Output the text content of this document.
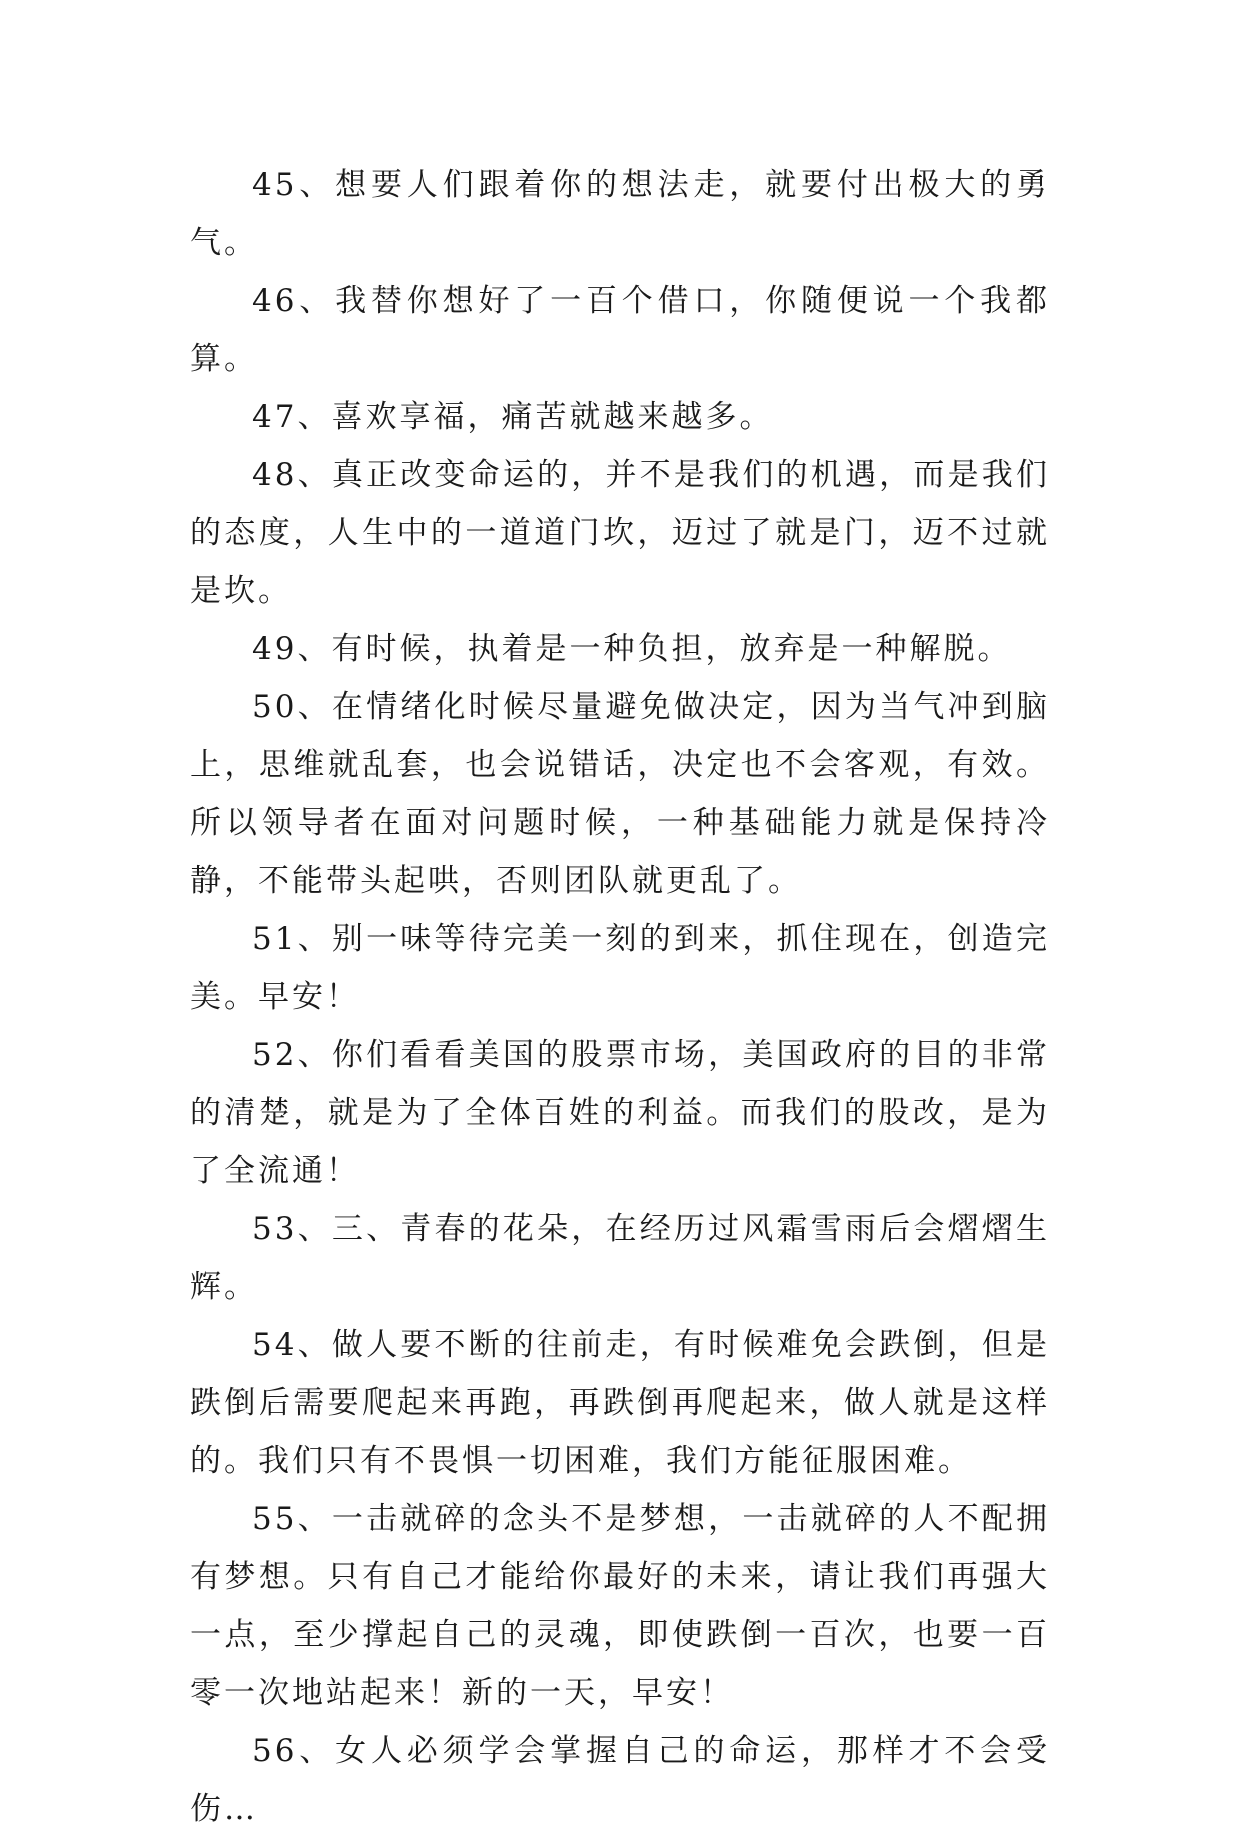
45、想要人们跟着你的想法走，就要付出极大的勇气。

46、我替你想好了一百个借口，你随便说一个我都算。

47、喜欢享福，痛苦就越来越多。

48、真正改变命运的，并不是我们的机遇，而是我们的态度，人生中的一道道门坎，迈过了就是门，迈不过就是坎。

49、有时候，执着是一种负担，放弃是一种解脱。

50、在情绪化时候尽量避免做决定，因为当气冲到脑上，思维就乱套，也会说错话，决定也不会客观，有效。所以领导者在面对问题时候，一种基础能力就是保持冷静，不能带头起哄，否则团队就更乱了。

51、别一味等待完美一刻的到来，抓住现在，创造完美。早安！

52、你们看看美国的股票市场，美国政府的目的非常的清楚，就是为了全体百姓的利益。而我们的股改，是为了全流通！

53、三、青春的花朵，在经历过风霜雪雨后会熠熠生辉。

54、做人要不断的往前走，有时候难免会跌倒，但是跌倒后需要爬起来再跑，再跌倒再爬起来，做人就是这样的。我们只有不畏惧一切困难，我们方能征服困难。

55、一击就碎的念头不是梦想，一击就碎的人不配拥有梦想。只有自己才能给你最好的未来，请让我们再强大一点，至少撑起自己的灵魂，即使跌倒一百次，也要一百零一次地站起来！新的一天，早安！

56、女人必须学会掌握自己的命运，那样才不会受伤…
